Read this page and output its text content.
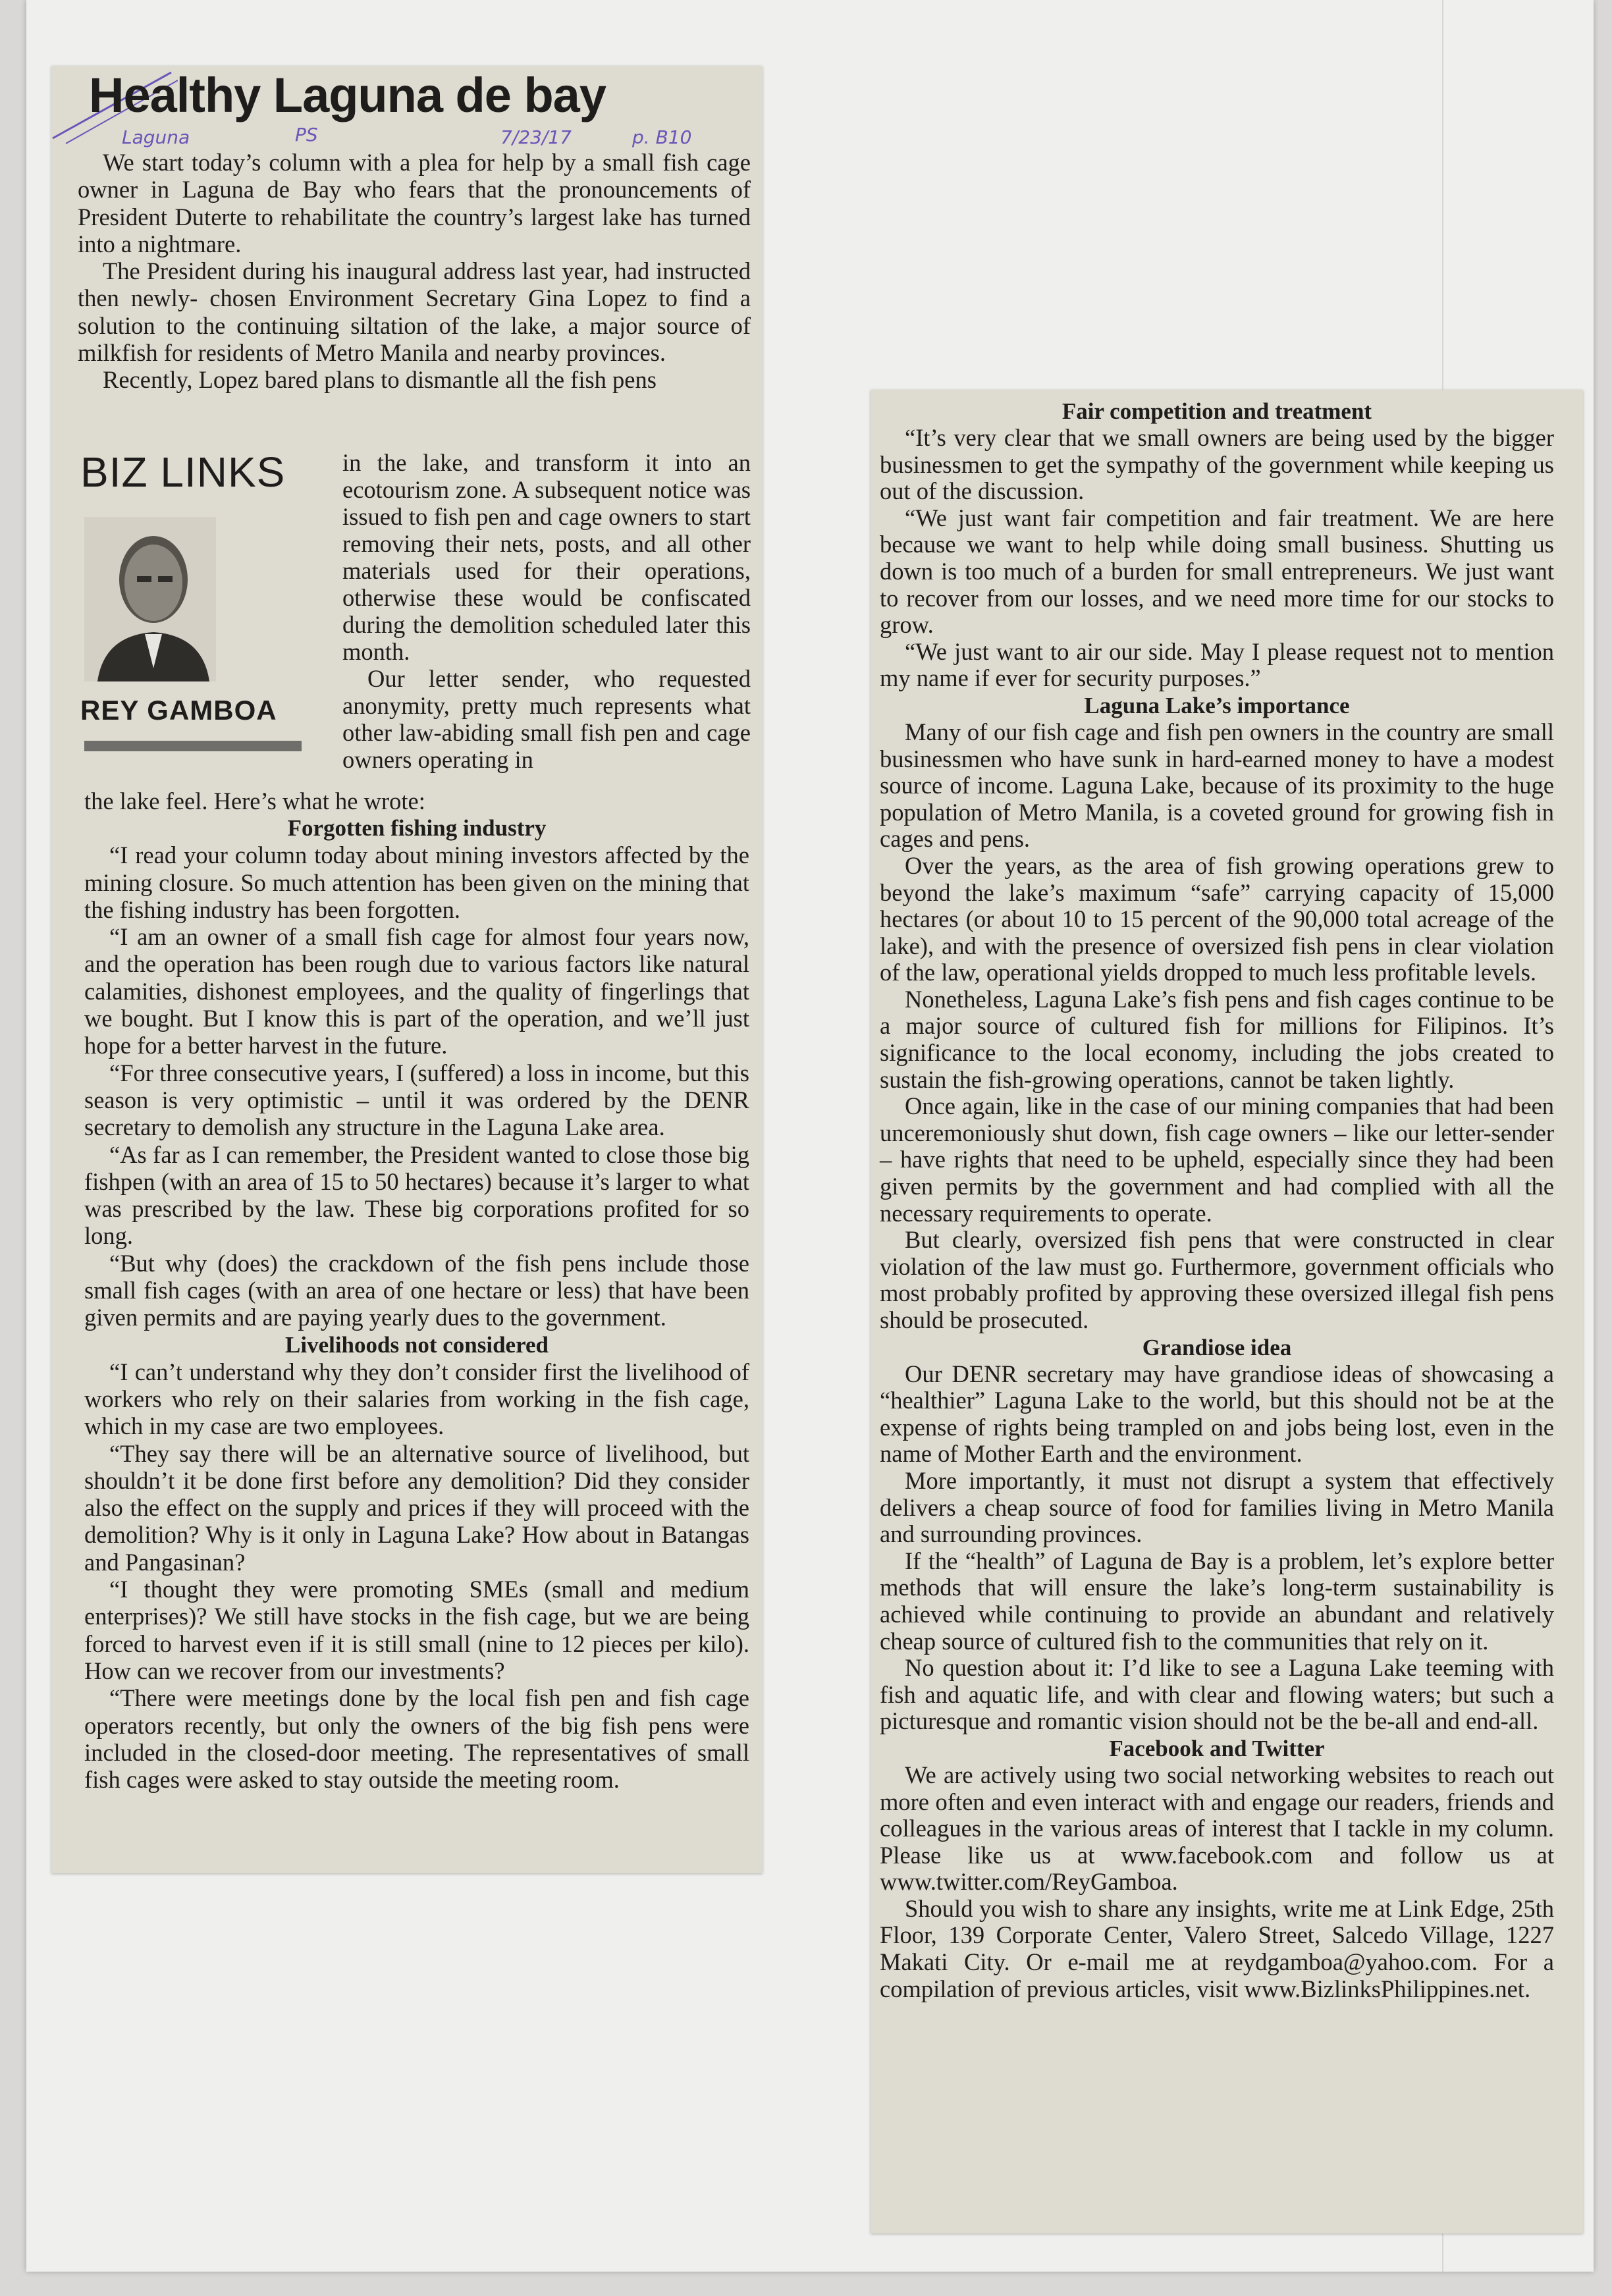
Healthy Laguna de bay
Laguna	PS	7/23/17	p. B10

We start today’s column with a plea for help by a small fish cage owner in Laguna de Bay who fears that the pronouncements of President Duterte to rehabilitate the country’s largest lake has turned into a nightmare.

The President during his inaugural address last year, had instructed then newly- chosen Environment Secretary Gina Lopez to find a solution to the continuing siltation of the lake, a major source of milkfish for residents of Metro Manila and nearby provinces.

Recently, Lopez bared plans to dismantle all the fish pens

BIZ LINKS
REY GAMBOA

in the lake, and transform it into an ecotourism zone. A subsequent notice was issued to fish pen and cage owners to start removing their nets, posts, and all other materials used for their operations, otherwise these would be confiscated during the demolition scheduled later this month.

Our letter sender, who requested anonymity, pretty much represents what other law-abiding small fish pen and cage owners operating in

the lake feel. Here’s what he wrote:

Forgotten fishing industry

“I read your column today about mining investors affected by the mining closure. So much attention has been given on the mining that the fishing industry has been forgotten.

“I am an owner of a small fish cage for almost four years now, and the operation has been rough due to various factors like natural calamities, dishonest employees, and the quality of fingerlings that we bought. But I know this is part of the operation, and we’ll just hope for a better harvest in the future.

“For three consecutive years, I (suffered) a loss in income, but this season is very optimistic – until it was ordered by the DENR secretary to demolish any structure in the Laguna Lake area.

“As far as I can remember, the President wanted to close those big fishpen (with an area of 15 to 50 hectares) because it’s larger to what was prescribed by the law. These big corporations profited for so long.

“But why (does) the crackdown of the fish pens include those small fish cages (with an area of one hectare or less) that have been given permits and are paying yearly dues to the government.

Livelihoods not considered

“I can’t understand why they don’t consider first the livelihood of workers who rely on their salaries from working in the fish cage, which in my case are two employees.

“They say there will be an alternative source of livelihood, but shouldn’t it be done first before any demolition? Did they consider also the effect on the supply and prices if they will proceed with the demolition? Why is it only in Laguna Lake? How about in Batangas and Pangasinan?

“I thought they were promoting SMEs (small and medium enterprises)? We still have stocks in the fish cage, but we are being forced to harvest even if it is still small (nine to 12 pieces per kilo). How can we recover from our investments?

“There were meetings done by the local fish pen and fish cage operators recently, but only the owners of the big fish pens were included in the closed-door meeting. The representatives of small fish cages were asked to stay outside the meeting room.

Fair competition and treatment

“It’s very clear that we small owners are being used by the bigger businessmen to get the sympathy of the government while keeping us out of the discussion.

“We just want fair competition and fair treatment. We are here because we want to help while doing small business. Shutting us down is too much of a burden for small entrepreneurs. We just want to recover from our losses, and we need more time for our stocks to grow.

“We just want to air our side. May I please request not to mention my name if ever for security purposes.”

Laguna Lake’s importance

Many of our fish cage and fish pen owners in the country are small businessmen who have sunk in hard-earned money to have a modest source of income. Laguna Lake, because of its proximity to the huge population of Metro Manila, is a coveted ground for growing fish in cages and pens.

Over the years, as the area of fish growing operations grew to beyond the lake’s maximum “safe” carrying capacity of 15,000 hectares (or about 10 to 15 percent of the 90,000 total acreage of the lake), and with the presence of oversized fish pens in clear violation of the law, operational yields dropped to much less profitable levels.

Nonetheless, Laguna Lake’s fish pens and fish cages continue to be a major source of cultured fish for millions for Filipinos. It’s significance to the local economy, including the jobs created to sustain the fish-growing operations, cannot be taken lightly.

Once again, like in the case of our mining companies that had been unceremoniously shut down, fish cage owners – like our letter-sender – have rights that need to be upheld, especially since they had been given permits by the government and had complied with all the necessary requirements to operate.

But clearly, oversized fish pens that were constructed in clear violation of the law must go. Furthermore, government officials who most probably profited by approving these oversized illegal fish pens should be prosecuted.

Grandiose idea

Our DENR secretary may have grandiose ideas of showcasing a “healthier” Laguna Lake to the world, but this should not be at the expense of rights being trampled on and jobs being lost, even in the name of Mother Earth and the environment.

More importantly, it must not disrupt a system that effectively delivers a cheap source of food for families living in Metro Manila and surrounding provinces.

If the “health” of Laguna de Bay is a problem, let’s explore better methods that will ensure the lake’s long-term sustainability is achieved while continuing to provide an abundant and relatively cheap source of cultured fish to the communities that rely on it.

No question about it: I’d like to see a Laguna Lake teeming with fish and aquatic life, and with clear and flowing waters; but such a picturesque and romantic vision should not be the be-all and end-all.

Facebook and Twitter

We are actively using two social networking websites to reach out more often and even interact with and engage our readers, friends and colleagues in the various areas of interest that I tackle in my column. Please like us at www.facebook.com and follow us at www.twitter.com/ReyGamboa.

Should you wish to share any insights, write me at Link Edge, 25th Floor, 139 Corporate Center, Valero Street, Salcedo Village, 1227 Makati City. Or e-mail me at reydgamboa@yahoo.com. For a compilation of previous articles, visit www.BizlinksPhilippines.net.
